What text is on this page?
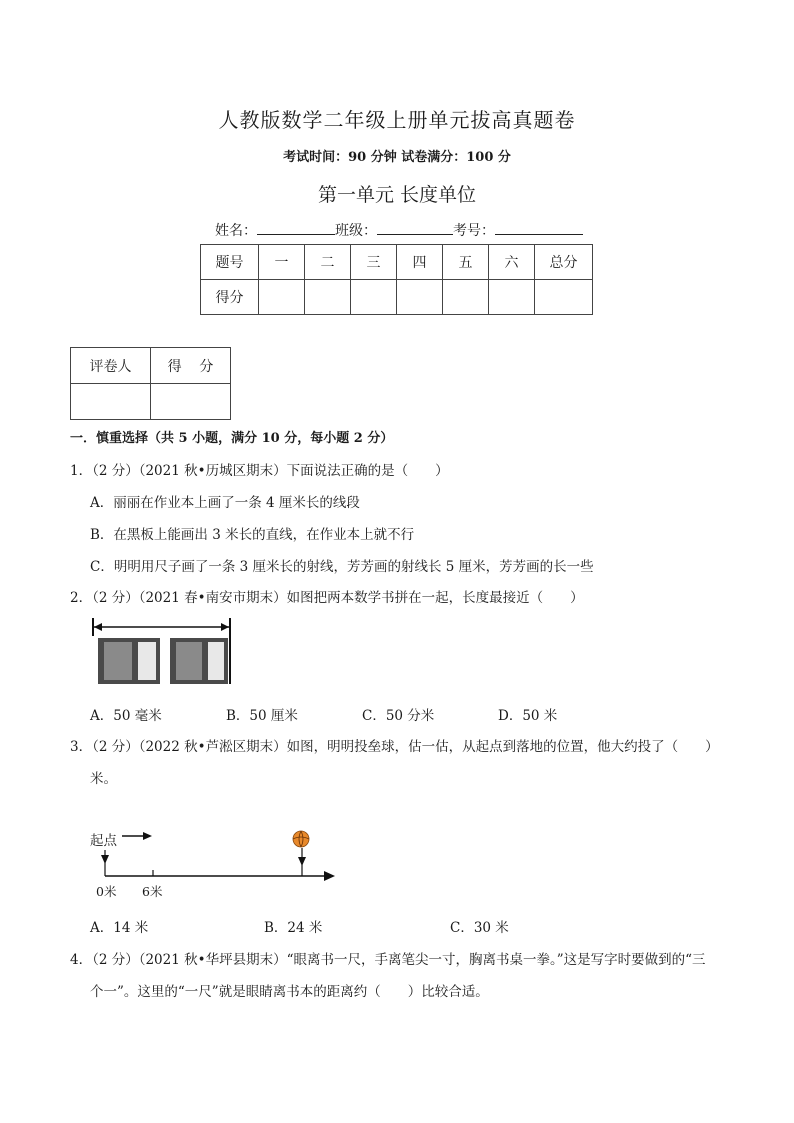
人教版数学二年级上册单元拔高真题卷
考试时间：90 分钟 试卷满分：100 分
第一单元 长度单位
姓名：	班级：	考号：
题号	一	二	三	四	五	六	总分
得分							
评卷人	得    分

一．慎重选择（共 5 小题，满分 10 分，每小题 2 分）
1．（2 分）（2021 秋•历城区期末）下面说法正确的是（　　）
A．丽丽在作业本上画了一条 4 厘米长的线段
B．在黑板上能画出 3 米长的直线，在作业本上就不行
C．明明用尺子画了一条 3 厘米长的射线，芳芳画的射线长 5 厘米，芳芳画的长一些
2．（2 分）（2021 春•南安市期末）如图把两本数学书拼在一起，长度最接近（　　）
A．50 毫米	B．50 厘米	C．50 分米	D．50 米
3．（2 分）（2022 秋•芦淞区期末）如图，明明投垒球，估一估，从起点到落地的位置，他大约投了（　　）
米。
起点
0米 6米
A．14 米	B．24 米	C．30 米
4．（2 分）（2021 秋•华坪县期末）“眼离书一尺，手离笔尖一寸，胸离书桌一拳。”这是写字时要做到的“三
个一”。这里的“一尺”就是眼睛离书本的距离约（　　）比较合适。
